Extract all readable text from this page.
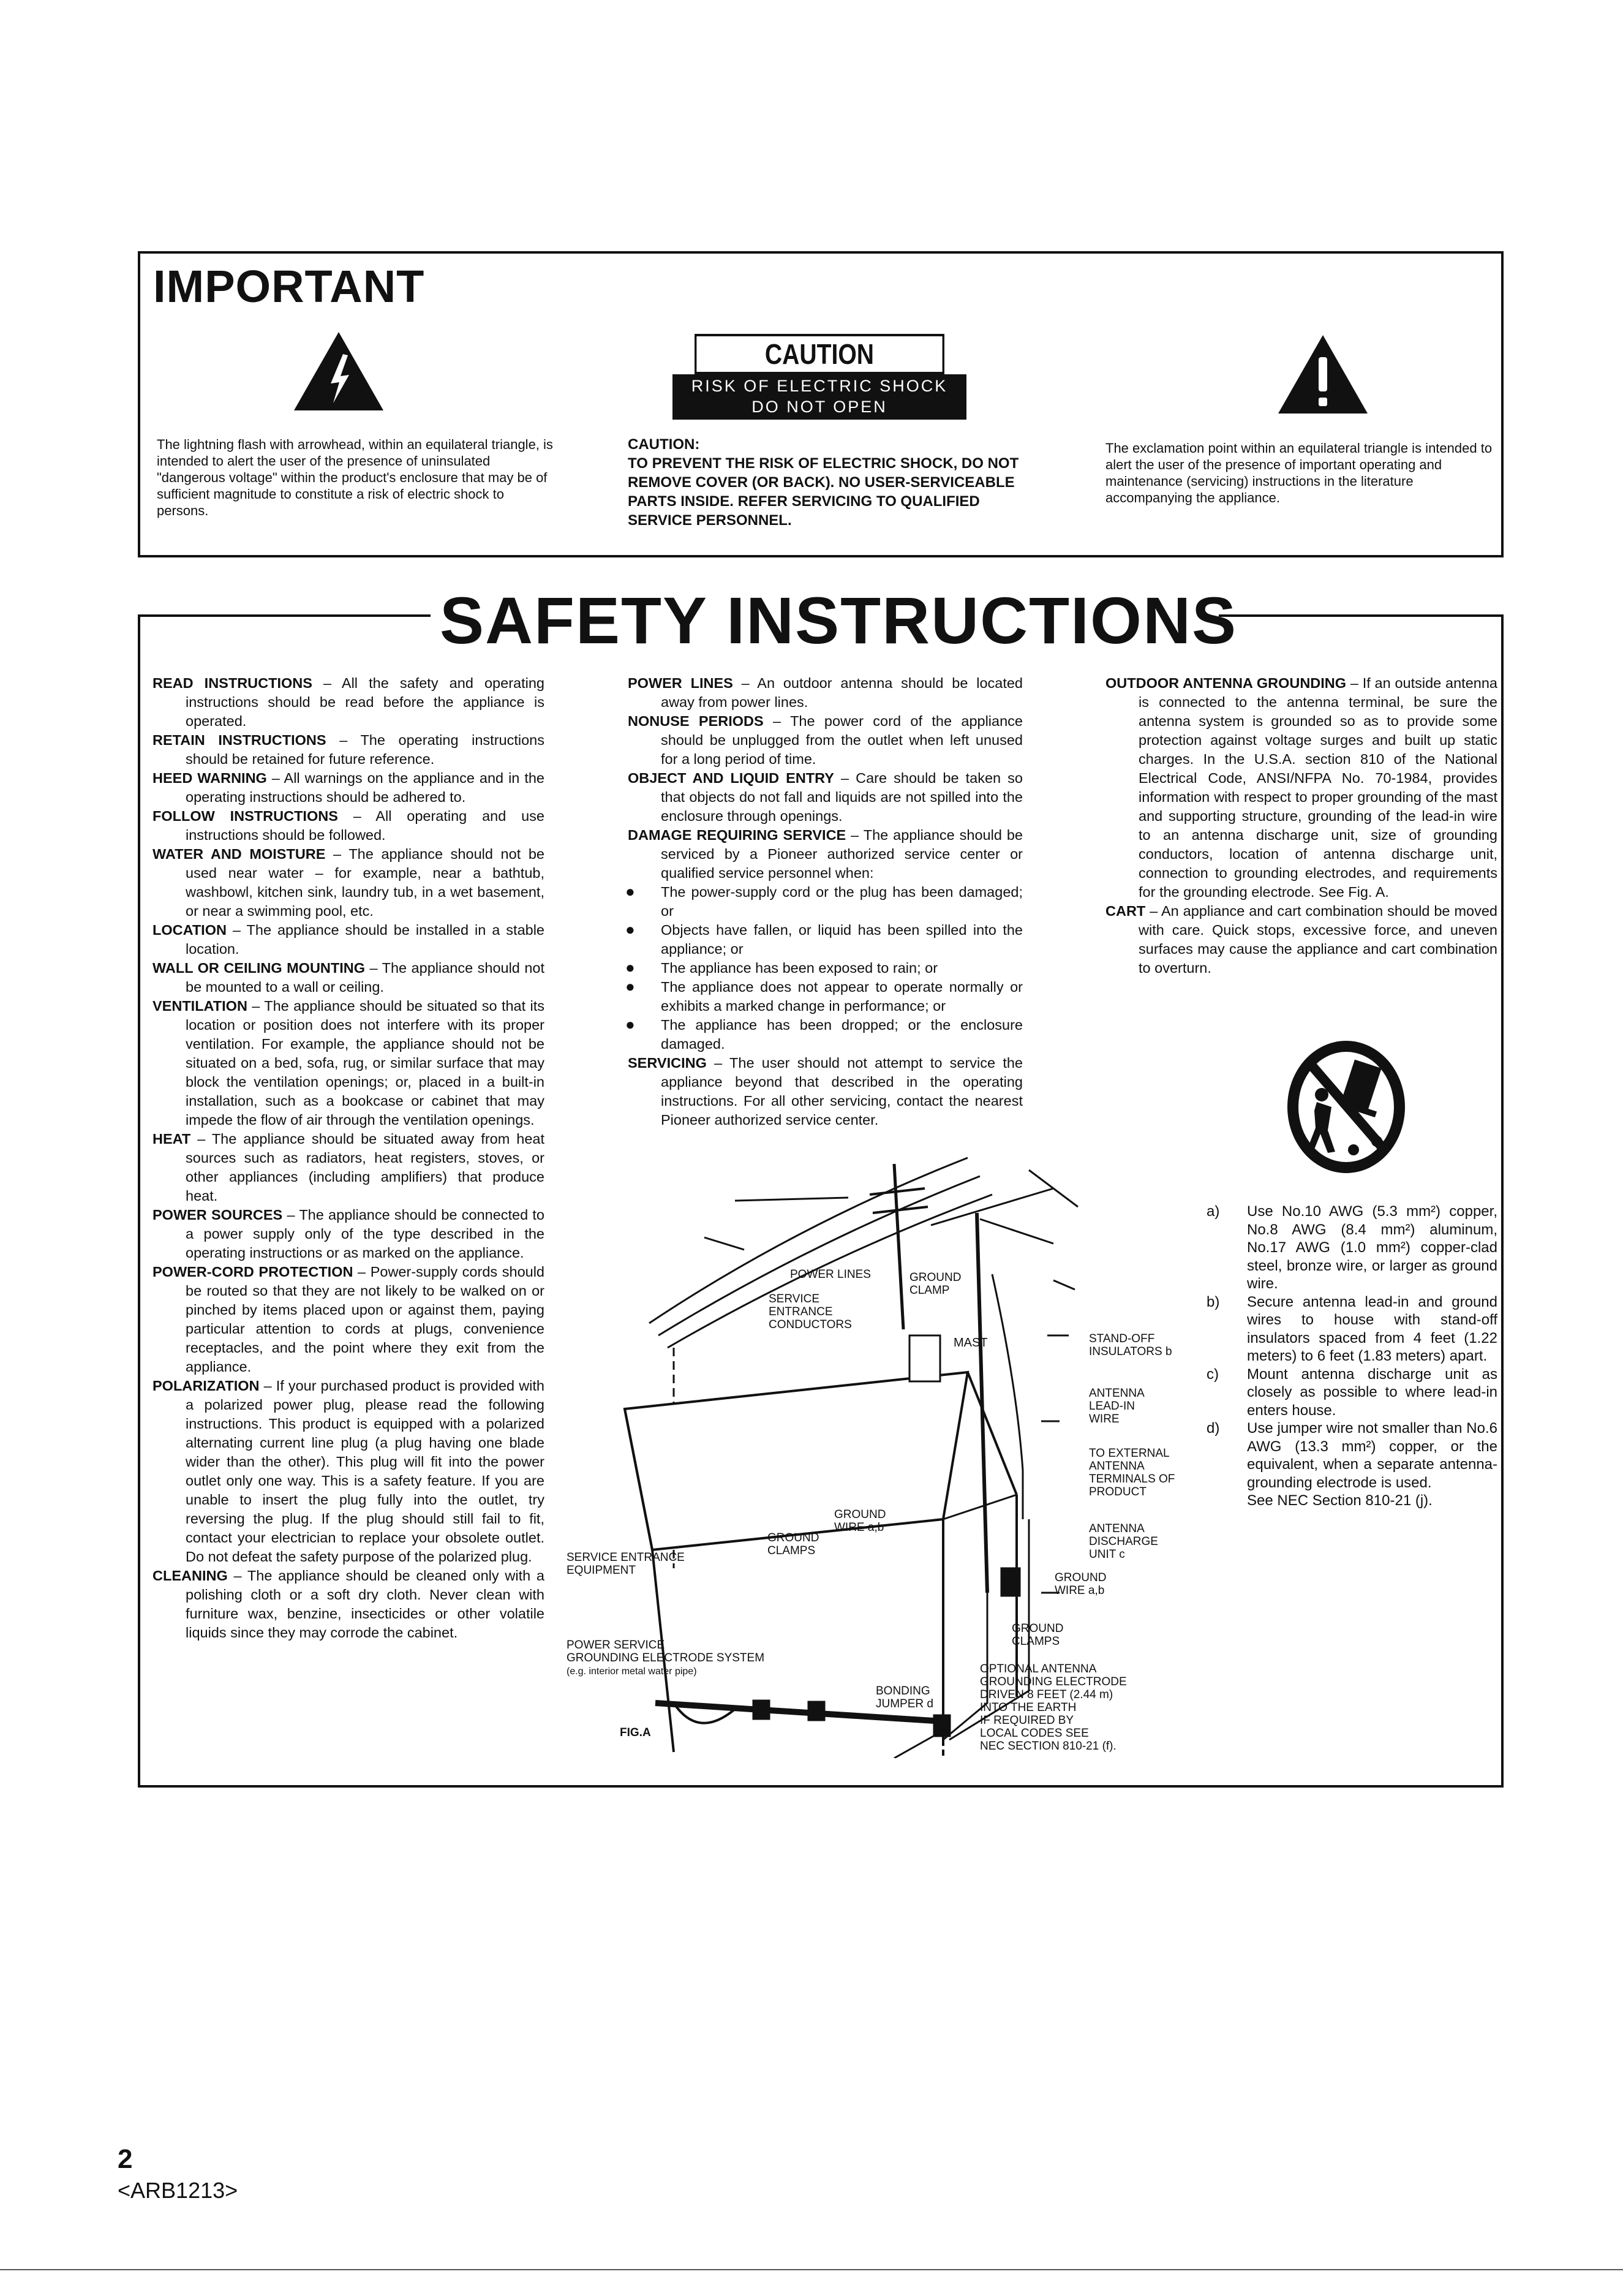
IMPORTANT
CAUTION
RISK OF ELECTRIC SHOCK
DO NOT OPEN
The lightning flash with arrowhead, within an equilateral triangle, is intended to alert the user of the presence of uninsulated "dangerous voltage" within the product's enclosure that may be of sufficient magnitude to constitute a risk of electric shock to persons.
CAUTION:
TO PREVENT THE RISK OF ELECTRIC SHOCK, DO NOT REMOVE COVER (OR BACK). NO USER-SERVICEABLE PARTS INSIDE. REFER SERVICING TO QUALIFIED SERVICE PERSONNEL.
The exclamation point within an equilateral triangle is intended to alert the user of the presence of important operating and maintenance (servicing) instructions in the literature accompanying the appliance.
SAFETY INSTRUCTIONS

READ INSTRUCTIONS – All the safety and operating instructions should be read before the appliance is operated.

RETAIN INSTRUCTIONS – The operating instructions should be retained for future reference.

HEED WARNING – All warnings on the appliance and in the operating instructions should be adhered to.

FOLLOW INSTRUCTIONS – All operating and use instructions should be followed.

WATER AND MOISTURE – The appliance should not be used near water – for example, near a bathtub, washbowl, kitchen sink, laundry tub, in a wet basement, or near a swimming pool, etc.

LOCATION – The appliance should be installed in a stable location.

WALL OR CEILING MOUNTING – The appliance should not be mounted to a wall or ceiling.

VENTILATION – The appliance should be situated so that its location or position does not interfere with its proper ventilation. For example, the appliance should not be situated on a bed, sofa, rug, or similar surface that may block the ventilation openings; or, placed in a built-in installation, such as a bookcase or cabinet that may impede the flow of air through the ventilation openings.

HEAT – The appliance should be situated away from heat sources such as radiators, heat registers, stoves, or other appliances (including amplifiers) that produce heat.

POWER SOURCES – The appliance should be connected to a power supply only of the type described in the operating instructions or as marked on the appliance.

POWER-CORD PROTECTION – Power-supply cords should be routed so that they are not likely to be walked on or pinched by items placed upon or against them, paying particular attention to cords at plugs, convenience receptacles, and the point where they exit from the appliance.

POLARIZATION – If your purchased product is provided with a polarized power plug, please read the following instructions. This product is equipped with a polarized alternating current line plug (a plug having one blade wider than the other). This plug will fit into the power outlet only one way. This is a safety feature. If you are unable to insert the plug fully into the outlet, try reversing the plug. If the plug should still fail to fit, contact your electrician to replace your obsolete outlet. Do not defeat the safety purpose of the polarized plug.

CLEANING – The appliance should be cleaned only with a polishing cloth or a soft dry cloth. Never clean with furniture wax, benzine, insecticides or other volatile liquids since they may corrode the cabinet.

POWER LINES – An outdoor antenna should be located away from power lines.

NONUSE PERIODS – The power cord of the appliance should be unplugged from the outlet when left unused for a long period of time.

OBJECT AND LIQUID ENTRY – Care should be taken so that objects do not fall and liquids are not spilled into the enclosure through openings.

DAMAGE REQUIRING SERVICE – The appliance should be serviced by a Pioneer authorized service center or qualified service personnel when:

● The power-supply cord or the plug has been damaged; or

● Objects have fallen, or liquid has been spilled into the appliance; or

● The appliance has been exposed to rain; or

● The appliance does not appear to operate normally or exhibits a marked change in performance; or

● The appliance has been dropped; or the enclosure damaged.

SERVICING – The user should not attempt to service the appliance beyond that described in the operating instructions. For all other servicing, contact the nearest Pioneer authorized service center.

OUTDOOR ANTENNA GROUNDING – If an outside antenna is connected to the antenna terminal, be sure the antenna system is grounded so as to provide some protection against voltage surges and built up static charges. In the U.S.A. section 810 of the National Electrical Code, ANSI/NFPA No. 70-1984, provides information with respect to proper grounding of the mast and supporting structure, grounding of the lead-in wire to an antenna discharge unit, size of grounding conductors, location of antenna discharge unit, connection to grounding electrodes, and requirements for the grounding electrode. See Fig. A.

CART – An appliance and cart combination should be moved with care. Quick stops, excessive force, and uneven surfaces may cause the appliance and cart combination to overturn.

a) Use No.10 AWG (5.3 mm²) copper, No.8 AWG (8.4 mm²) aluminum, No.17 AWG (1.0 mm²) copper-clad steel, bronze wire, or larger as ground wire.

b) Secure antenna lead-in and ground wires to house with stand-off insulators spaced from 4 feet (1.22 meters) to 6 feet (1.83 meters) apart.

c) Mount antenna discharge unit as closely as possible to where lead-in enters house.

d) Use jumper wire not smaller than No.6 AWG (13.3 mm²) copper, or the equivalent, when a separate antenna-grounding electrode is used.

See NEC Section 810-21 (j).

POWER LINES
SERVICE
ENTRANCE
CONDUCTORS
GROUND
CLAMP
MAST	STAND-OFF
INSULATORS b
ANTENNA
LEAD-IN
WIRE
TO EXTERNAL
ANTENNA
TERMINALS OF
PRODUCT
GROUND
WIRE a,b
GROUND
CLAMPS
ANTENNA
DISCHARGE
UNIT c
GROUND
WIRE a,b
SERVICE ENTRANCE
EQUIPMENT
GROUND
CLAMPS
POWER SERVICE
GROUNDING ELECTRODE SYSTEM
(e.g. interior metal water pipe)
BONDING
JUMPER d
OPTIONAL ANTENNA
GROUNDING ELECTRODE
DRIVEN 8 FEET (2.44 m)
INTO THE EARTH
IF REQUIRED BY
LOCAL CODES SEE
NEC SECTION 810-21 (f).
FIG.A
2
<ARB1213>
